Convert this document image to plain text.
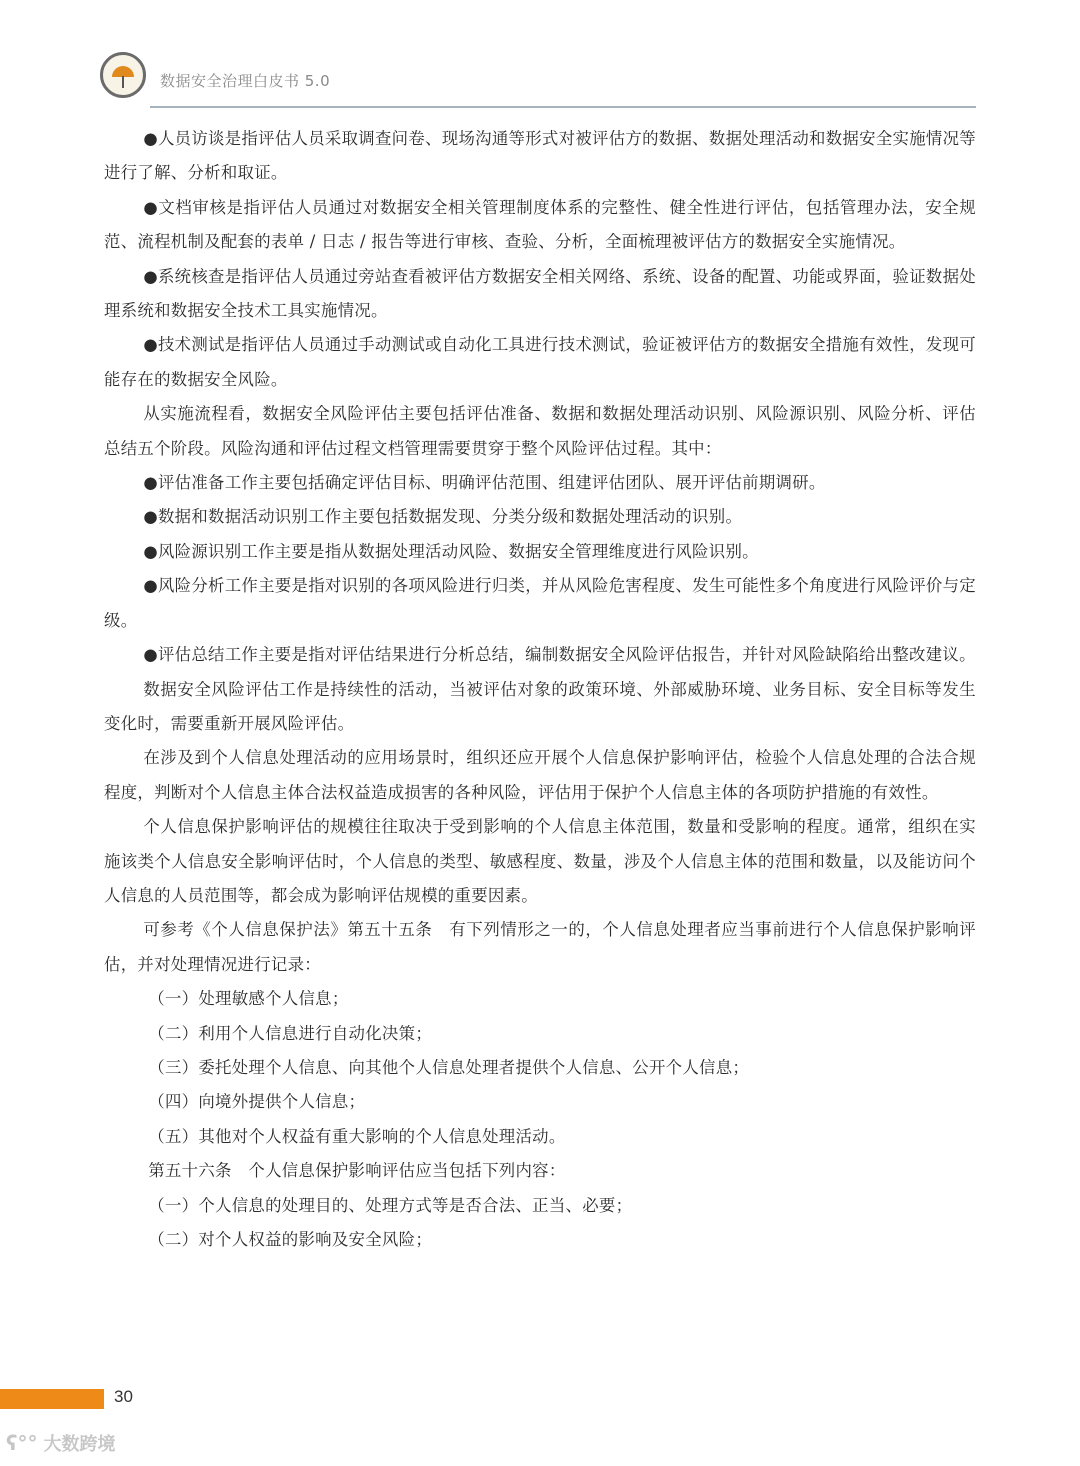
数据安全治理白皮书 5.0

●人员访谈是指评估人员采取调查问卷、现场沟通等形式对被评估方的数据、数据处理活动和数据安全实施情况等进行了解、分析和取证。

●文档审核是指评估人员通过对数据安全相关管理制度体系的完整性、健全性进行评估，包括管理办法，安全规范、流程机制及配套的表单 / 日志 / 报告等进行审核、查验、分析，全面梳理被评估方的数据安全实施情况。

●系统核查是指评估人员通过旁站查看被评估方数据安全相关网络、系统、设备的配置、功能或界面，验证数据处理系统和数据安全技术工具实施情况。

●技术测试是指评估人员通过手动测试或自动化工具进行技术测试，验证被评估方的数据安全措施有效性，发现可能存在的数据安全风险。

从实施流程看，数据安全风险评估主要包括评估准备、数据和数据处理活动识别、风险源识别、风险分析、评估总结五个阶段。风险沟通和评估过程文档管理需要贯穿于整个风险评估过程。其中：

●评估准备工作主要包括确定评估目标、明确评估范围、组建评估团队、展开评估前期调研。

●数据和数据活动识别工作主要包括数据发现、分类分级和数据处理活动的识别。

●风险源识别工作主要是指从数据处理活动风险、数据安全管理维度进行风险识别。

●风险分析工作主要是指对识别的各项风险进行归类，并从风险危害程度、发生可能性多个角度进行风险评价与定级。

●评估总结工作主要是指对评估结果进行分析总结，编制数据安全风险评估报告，并针对风险缺陷给出整改建议。

数据安全风险评估工作是持续性的活动，当被评估对象的政策环境、外部威胁环境、业务目标、安全目标等发生变化时，需要重新开展风险评估。

在涉及到个人信息处理活动的应用场景时，组织还应开展个人信息保护影响评估，检验个人信息处理的合法合规程度，判断对个人信息主体合法权益造成损害的各种风险，评估用于保护个人信息主体的各项防护措施的有效性。

个人信息保护影响评估的规模往往取决于受到影响的个人信息主体范围，数量和受影响的程度。通常，组织在实施该类个人信息安全影响评估时，个人信息的类型、敏感程度、数量，涉及个人信息主体的范围和数量，以及能访问个人信息的人员范围等，都会成为影响评估规模的重要因素。

可参考《个人信息保护法》第五十五条　有下列情形之一的，个人信息处理者应当事前进行个人信息保护影响评估，并对处理情况进行记录：

（一）处理敏感个人信息；

（二）利用个人信息进行自动化决策；

（三）委托处理个人信息、向其他个人信息处理者提供个人信息、公开个人信息；

（四）向境外提供个人信息；

（五）其他对个人权益有重大影响的个人信息处理活动。

第五十六条　个人信息保护影响评估应当包括下列内容：

（一）个人信息的处理目的、处理方式等是否合法、正当、必要；

（二）对个人权益的影响及安全风险；

30
ʕ°° 大数跨境
